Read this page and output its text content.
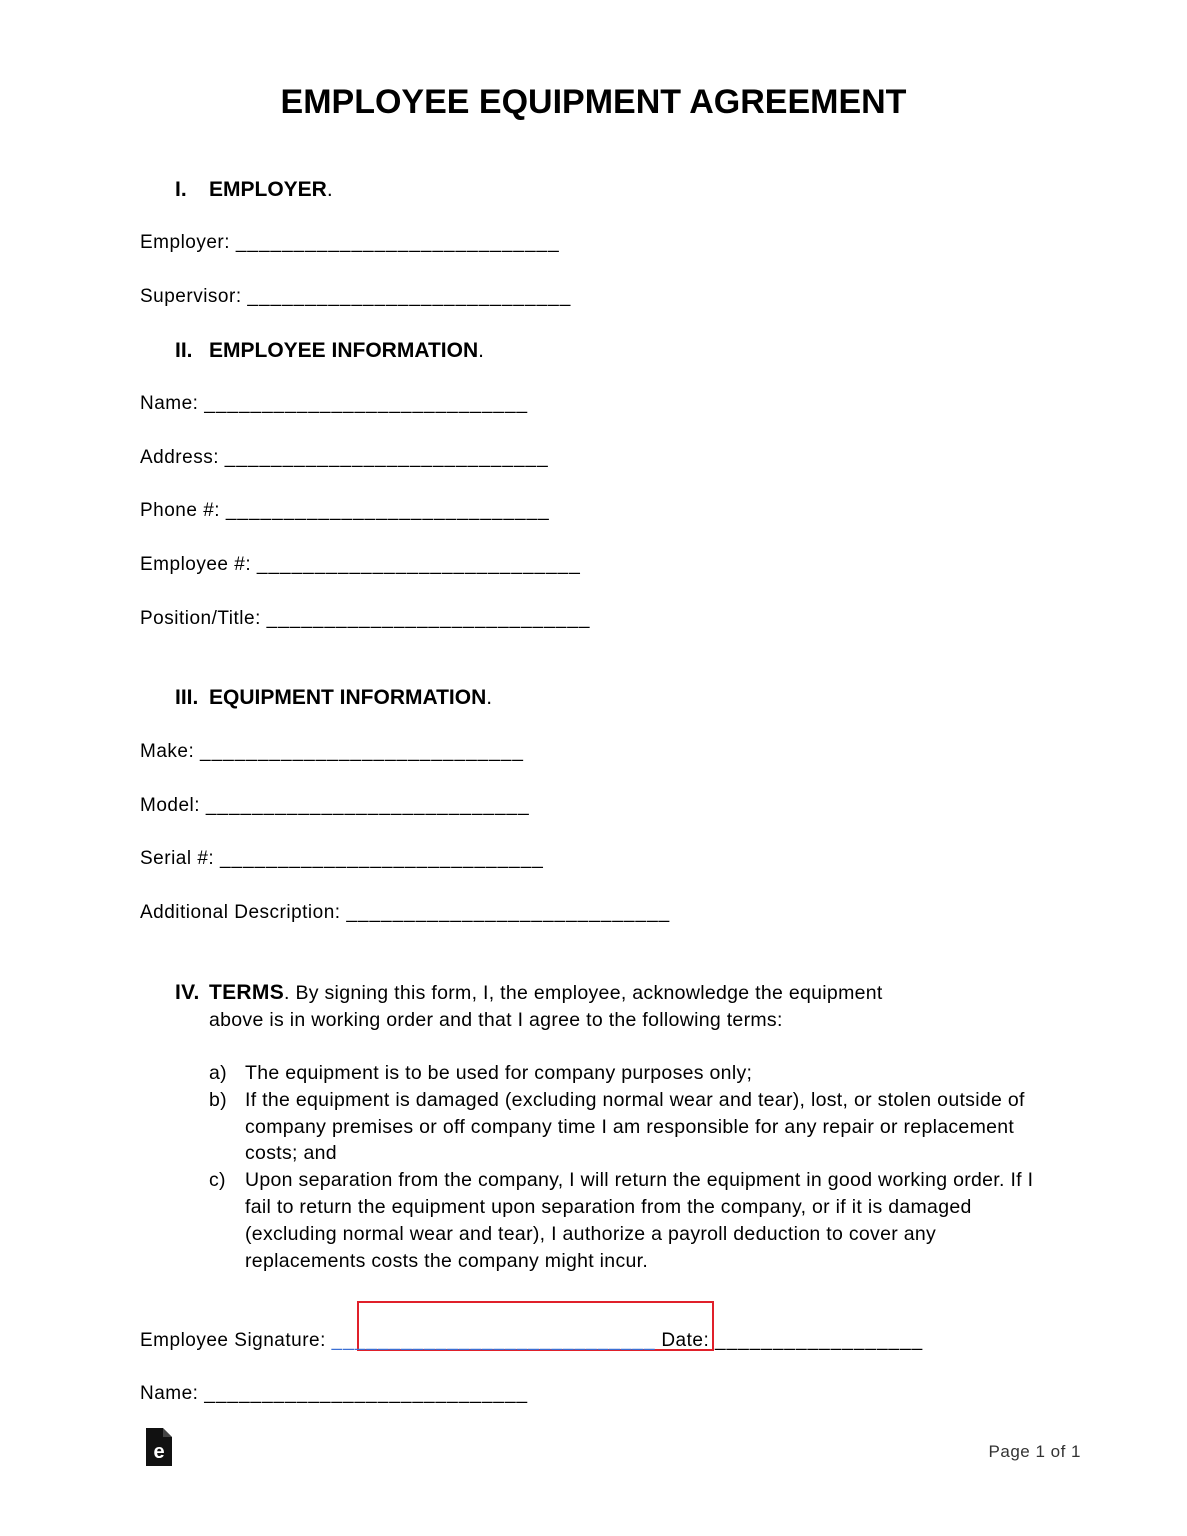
EMPLOYEE EQUIPMENT AGREEMENT
I. EMPLOYER.
Employer: ____________________________
Supervisor: ____________________________
II. EMPLOYEE INFORMATION.
Name: ____________________________
Address: ____________________________
Phone #: ____________________________
Employee #: ____________________________
Position/Title: ____________________________
III. EQUIPMENT INFORMATION.
Make: ____________________________
Model: ____________________________
Serial #: ____________________________
Additional Description: ____________________________
IV. TERMS. By signing this form, I, the employee, acknowledge the equipment
above is in working order and that I agree to the following terms:
a) The equipment is to be used for company purposes only;
b) If the equipment is damaged (excluding normal wear and tear), lost, or stolen outside of company premises or off company time I am responsible for any repair or replacement costs; and
c) Upon separation from the company, I will return the equipment in good working order. If I fail to return the equipment upon separation from the company, or if it is damaged (excluding normal wear and tear), I authorize a payroll deduction to cover any replacements costs the company might incur.
Employee Signature: ____________________________ Date: __________________
Name: ____________________________
e	Page 1 of 1
